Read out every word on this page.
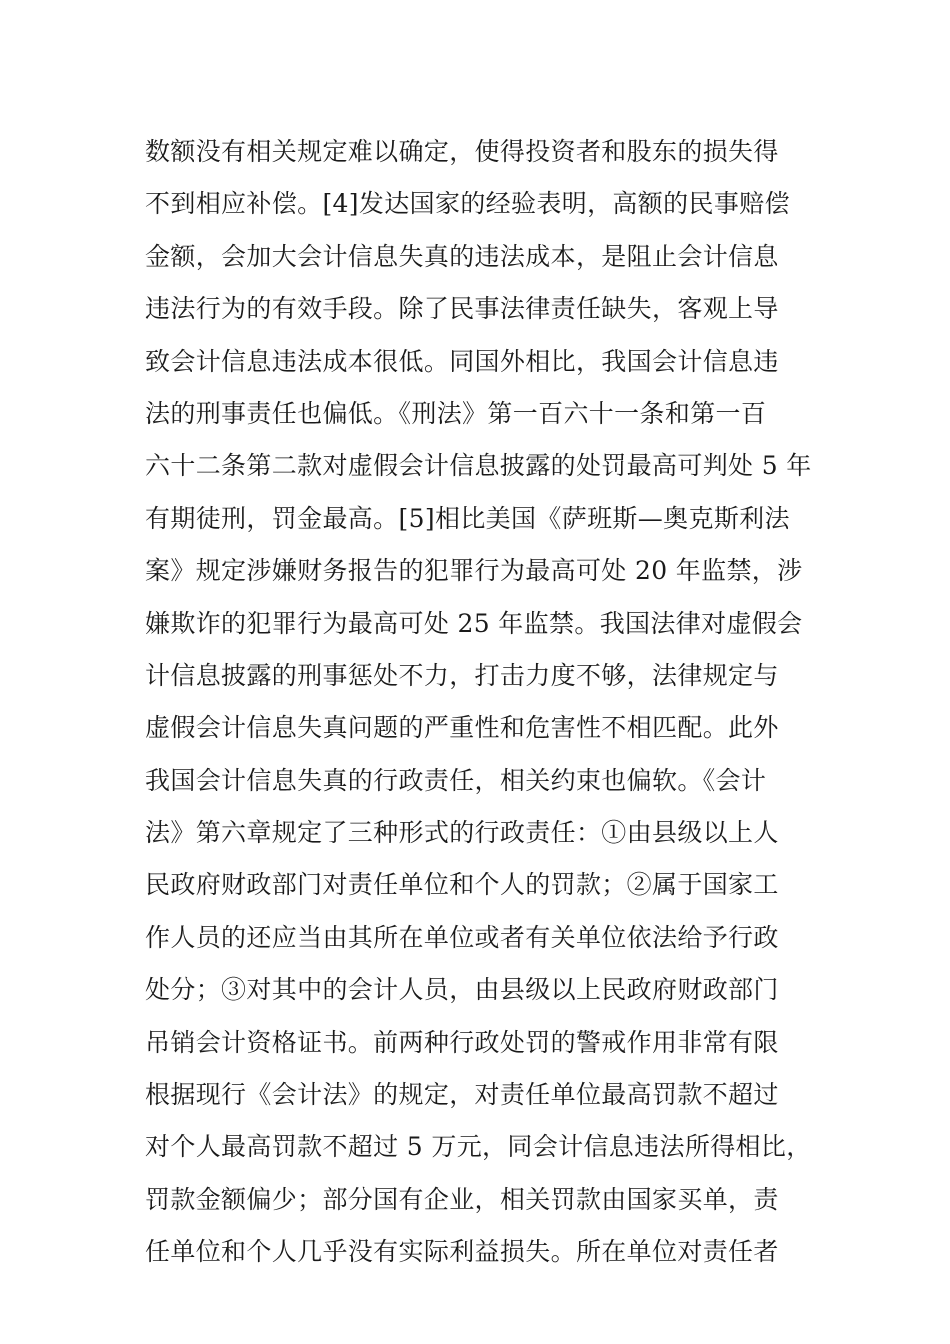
数额没有相关规定难以确定，使得投资者和股东的损失得
不到相应补偿。[4]发达国家的经验表明，高额的民事赔偿
金额，会加大会计信息失真的违法成本，是阻止会计信息
违法行为的有效手段。除了民事法律责任缺失，客观上导
致会计信息违法成本很低。同国外相比，我国会计信息违
法的刑事责任也偏低。《刑法》第一百六十一条和第一百
六十二条第二款对虚假会计信息披露的处罚最高可判处 5 年
有期徒刑，罚金最高。[5]相比美国《萨班斯—奥克斯利法
案》规定涉嫌财务报告的犯罪行为最高可处 20 年监禁，涉
嫌欺诈的犯罪行为最高可处 25 年监禁。我国法律对虚假会
计信息披露的刑事惩处不力，打击力度不够，法律规定与
虚假会计信息失真问题的严重性和危害性不相匹配。此外
我国会计信息失真的行政责任，相关约束也偏软。《会计
法》第六章规定了三种形式的行政责任：①由县级以上人
民政府财政部门对责任单位和个人的罚款；②属于国家工
作人员的还应当由其所在单位或者有关单位依法给予行政
处分；③对其中的会计人员，由县级以上民政府财政部门
吊销会计资格证书。前两种行政处罚的警戒作用非常有限
根据现行《会计法》的规定，对责任单位最高罚款不超过
对个人最高罚款不超过 5 万元，同会计信息违法所得相比，
罚款金额偏少；部分国有企业，相关罚款由国家买单，责
任单位和个人几乎没有实际利益损失。所在单位对责任者
